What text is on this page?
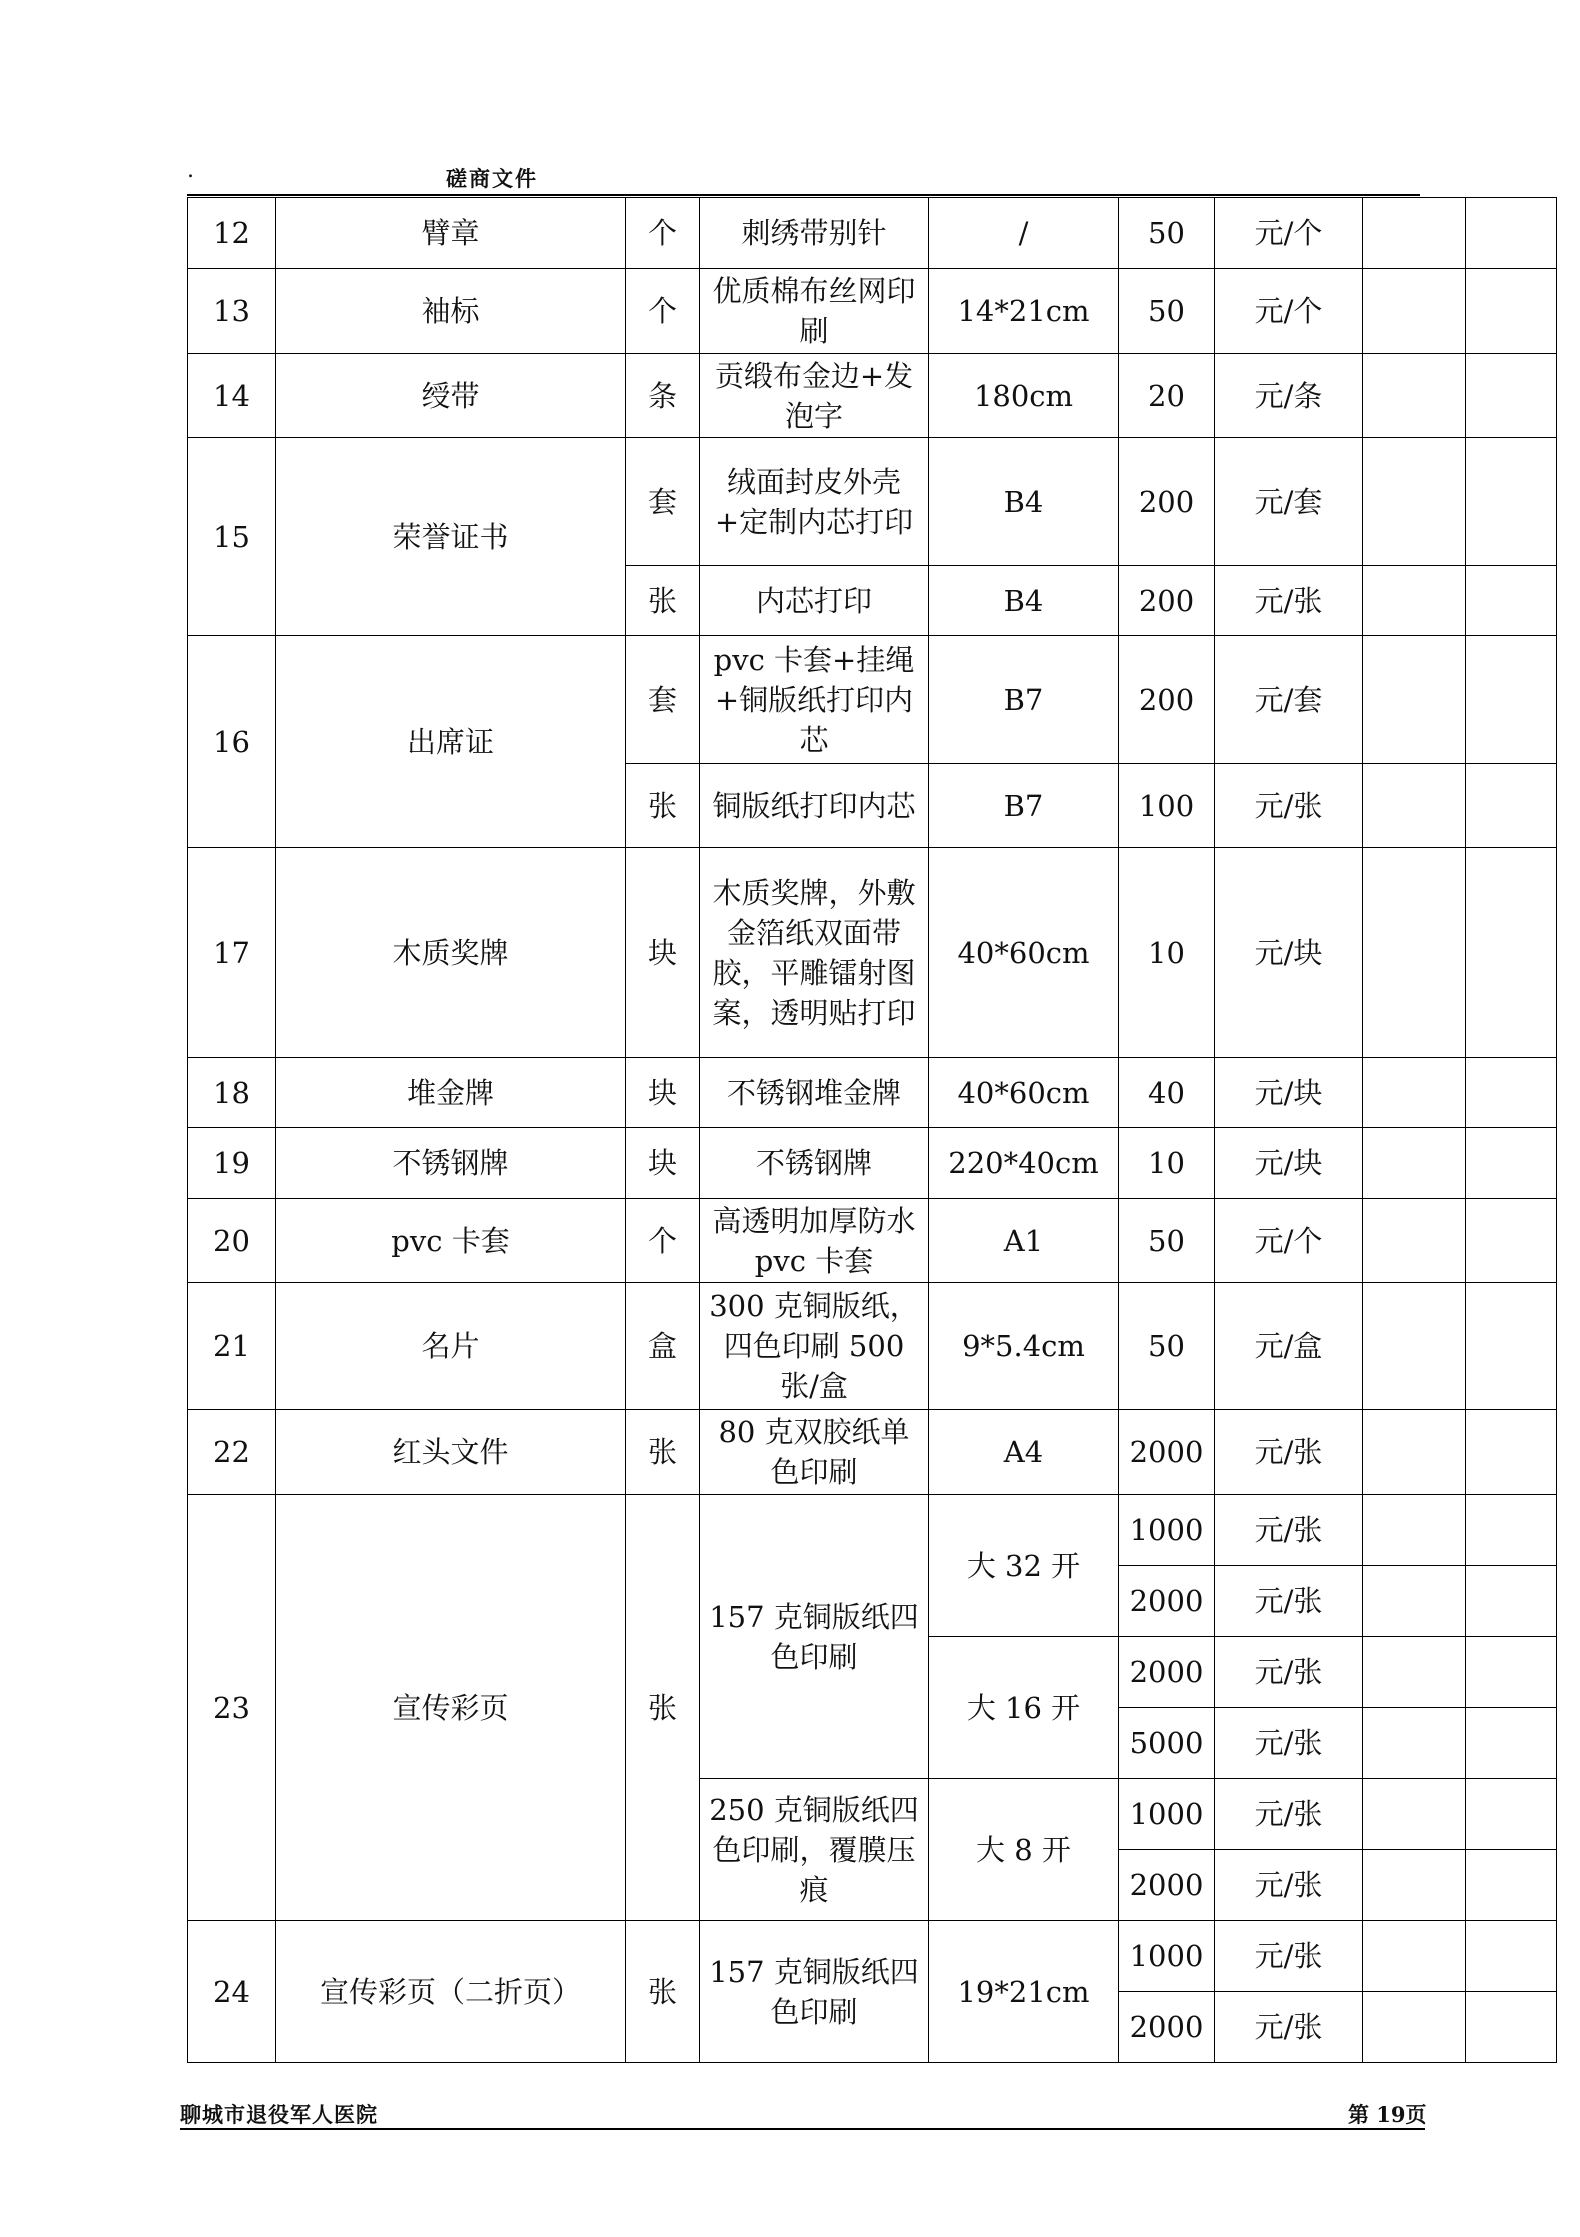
.	磋商文件
12	臂章	个	刺绣带别针	/	50	元/个		
13	袖标	个	优质棉布丝网印刷	14*21cm	50	元/个		
14	绶带	条	贡缎布金边+发泡字	180cm	20	元/条		
15	荣誉证书	套	绒面封皮外壳+定制内芯打印	B4	200	元/套		
		张	内芯打印	B4	200	元/张		
16	出席证	套	pvc 卡套+挂绳+铜版纸打印内芯	B7	200	元/套		
		张	铜版纸打印内芯	B7	100	元/张		
17	木质奖牌	块	木质奖牌，外敷金箔纸双面带胶，平雕镭射图案，透明贴打印	40*60cm	10	元/块		
18	堆金牌	块	不锈钢堆金牌	40*60cm	40	元/块		
19	不锈钢牌	块	不锈钢牌	220*40cm	10	元/块		
20	pvc 卡套	个	高透明加厚防水 pvc 卡套	A1	50	元/个		
21	名片	盒	300 克铜版纸，四色印刷 500 张/盒	9*5.4cm	50	元/盒		
22	红头文件	张	80 克双胶纸单色印刷	A4	2000	元/张		
23	宣传彩页	张	157 克铜版纸四色印刷	大 32 开	1000	元/张		
					2000	元/张		
				大 16 开	2000	元/张		
					5000	元/张		
			250 克铜版纸四色印刷，覆膜压痕	大 8 开	1000	元/张		
					2000	元/张		
24	宣传彩页（二折页）	张	157 克铜版纸四色印刷	19*21cm	1000	元/张		
					2000	元/张		
聊城市退役军人医院	第 19页
